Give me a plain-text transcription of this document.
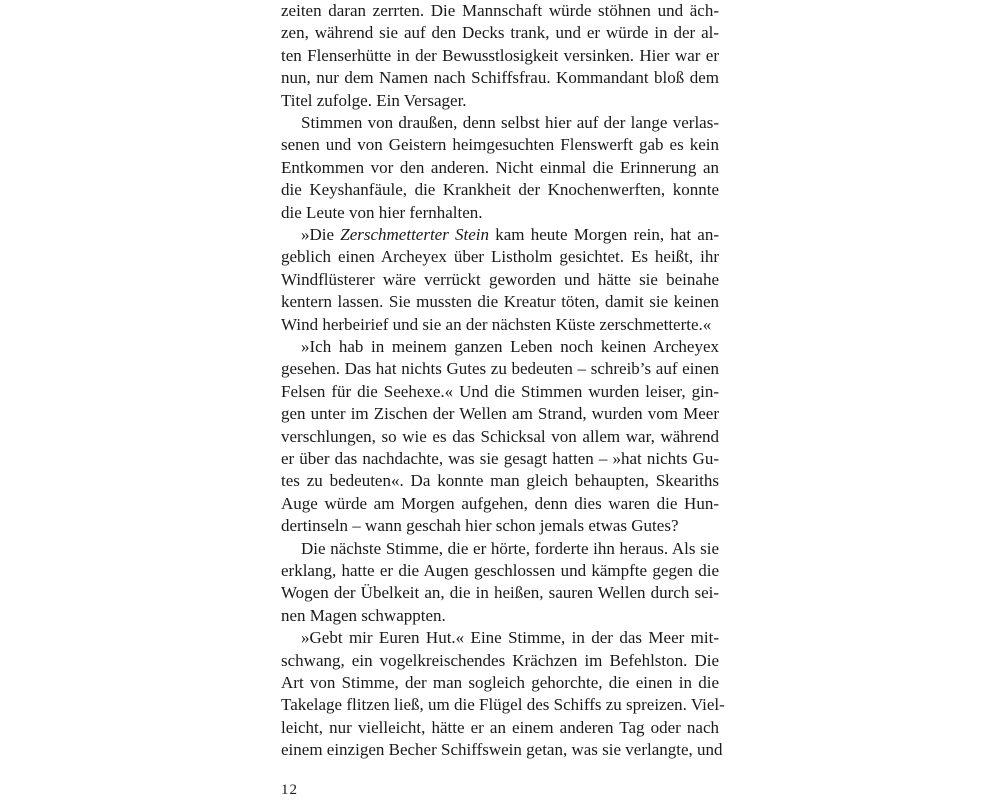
zeiten daran zerrten. Die Mannschaft würde stöhnen und äch-
zen, während sie auf den Decks trank, und er würde in der al-
ten Flenserhütte in der Bewusstlosigkeit versinken. Hier war er
nun, nur dem Namen nach Schiffsfrau. Kommandant bloß dem
Titel zufolge. Ein Versager.
Stimmen von draußen, denn selbst hier auf der lange verlas-
senen und von Geistern heimgesuchten Flenswerft gab es kein
Entkommen vor den anderen. Nicht einmal die Erinnerung an
die Keyshanfäule, die Krankheit der Knochenwerften, konnte
die Leute von hier fernhalten.
»Die Zerschmetterter Stein kam heute Morgen rein, hat an-
geblich einen Archeyex über Listholm gesichtet. Es heißt, ihr
Windflüsterer wäre verrückt geworden und hätte sie beinahe
kentern lassen. Sie mussten die Kreatur töten, damit sie keinen
Wind herbeirief und sie an der nächsten Küste zerschmetterte.«
»Ich hab in meinem ganzen Leben noch keinen Archeyex
gesehen. Das hat nichts Gutes zu bedeuten – schreib’s auf einen
Felsen für die Seehexe.« Und die Stimmen wurden leiser, gin-
gen unter im Zischen der Wellen am Strand, wurden vom Meer
verschlungen, so wie es das Schicksal von allem war, während
er über das nachdachte, was sie gesagt hatten – »hat nichts Gu-
tes zu bedeuten«. Da konnte man gleich behaupten, Skeariths
Auge würde am Morgen aufgehen, denn dies waren die Hun-
dertinseln – wann geschah hier schon jemals etwas Gutes?
Die nächste Stimme, die er hörte, forderte ihn heraus. Als sie
erklang, hatte er die Augen geschlossen und kämpfte gegen die
Wogen der Übelkeit an, die in heißen, sauren Wellen durch sei-
nen Magen schwappten.
»Gebt mir Euren Hut.« Eine Stimme, in der das Meer mit-
schwang, ein vogelkreischendes Krächzen im Befehlston. Die
Art von Stimme, der man sogleich gehorchte, die einen in die
Takelage flitzen ließ, um die Flügel des Schiffs zu spreizen. Viel-
leicht, nur vielleicht, hätte er an einem anderen Tag oder nach
einem einzigen Becher Schiffswein getan, was sie verlangte, und
12
